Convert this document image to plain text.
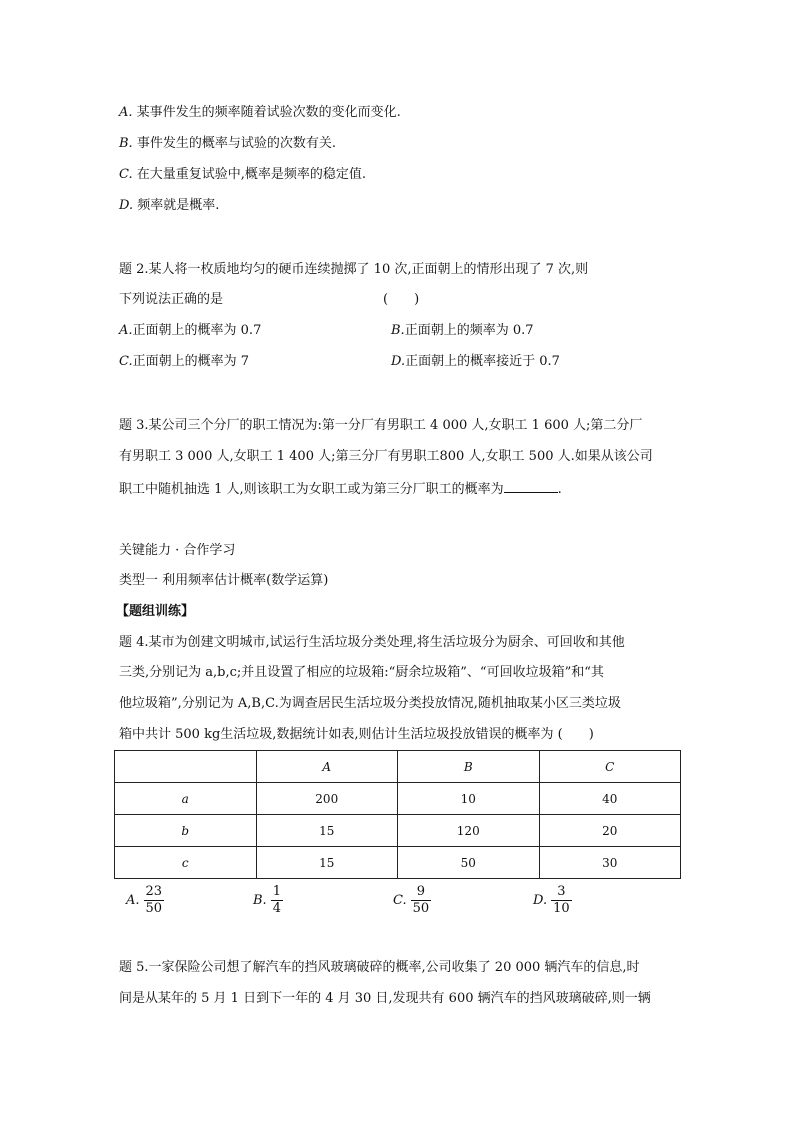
A. 某事件发生的频率随着试验次数的变化而变化.
B. 事件发生的概率与试验的次数有关.
C. 在大量重复试验中,概率是频率的稳定值.
D. 频率就是概率.
题 2.某人将一枚质地均匀的硬币连续抛掷了 10 次,正面朝上的情形出现了 7 次,则
下列说法正确的是	(　　)
A.正面朝上的概率为 0.7	B.正面朝上的频率为 0.7
C.正面朝上的概率为 7	D.正面朝上的概率接近于 0.7
题 3.某公司三个分厂的职工情况为:第一分厂有男职工 4 000 人,女职工 1 600 人;第二分厂
有男职工 3 000 人,女职工 1 400 人;第三分厂有男职工800 人,女职工 500 人.如果从该公司
职工中随机抽选 1 人,则该职工为女职工或为第三分厂职工的概率为	.
关键能力 · 合作学习
类型一 利用频率估计概率(数学运算)
【题组训练】
题 4.某市为创建文明城市,试运行生活垃圾分类处理,将生活垃圾分为厨余、可回收和其他
三类,分别记为 a,b,c;并且设置了相应的垃圾箱:“厨余垃圾箱”、“可回收垃圾箱”和“其
他垃圾箱”,分别记为 A,B,C.为调查居民生活垃圾分类投放情况,随机抽取某小区三类垃圾
箱中共计 500 kg生活垃圾,数据统计如表,则估计生活垃圾投放错误的概率为 (　　)
	A	B	C
a	200	10	40
b	15	120	20
c	15	50	30
A. $\frac{23}{50}$	B. $\frac{1}{4}$	C. $\frac{9}{50}$	D. $\frac{3}{10}$
题 5.一家保险公司想了解汽车的挡风玻璃破碎的概率,公司收集了 20 000 辆汽车的信息,时
间是从某年的 5 月 1 日到下一年的 4 月 30 日,发现共有 600 辆汽车的挡风玻璃破碎,则一辆
